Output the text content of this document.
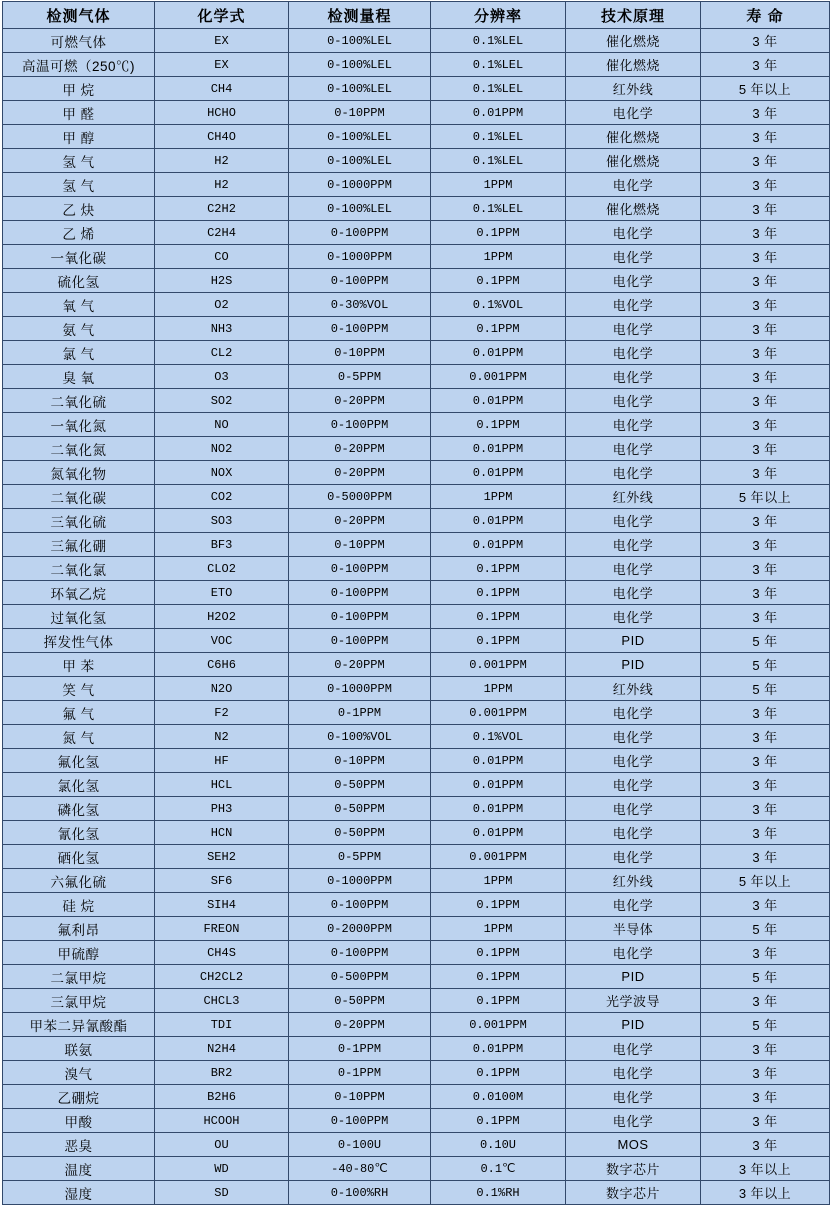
检测气体	化学式	检测量程	分辨率	技术原理	寿 命
可燃气体	EX	0-100%LEL	0.1%LEL	催化燃烧	3 年
高温可燃（250℃)	EX	0-100%LEL	0.1%LEL	催化燃烧	3 年
甲 烷	CH4	0-100%LEL	0.1%LEL	红外线	5 年以上
甲 醛	HCHO	0-10PPM	0.01PPM	电化学	3 年
甲 醇	CH4O	0-100%LEL	0.1%LEL	催化燃烧	3 年
氢 气	H2	0-100%LEL	0.1%LEL	催化燃烧	3 年
氢 气	H2	0-1000PPM	1PPM	电化学	3 年
乙 炔	C2H2	0-100%LEL	0.1%LEL	催化燃烧	3 年
乙 烯	C2H4	0-100PPM	0.1PPM	电化学	3 年
一氧化碳	CO	0-1000PPM	1PPM	电化学	3 年
硫化氢	H2S	0-100PPM	0.1PPM	电化学	3 年
氧 气	O2	0-30%VOL	0.1%VOL	电化学	3 年
氨 气	NH3	0-100PPM	0.1PPM	电化学	3 年
氯 气	CL2	0-10PPM	0.01PPM	电化学	3 年
臭 氧	O3	0-5PPM	0.001PPM	电化学	3 年
二氧化硫	SO2	0-20PPM	0.01PPM	电化学	3 年
一氧化氮	NO	0-100PPM	0.1PPM	电化学	3 年
二氧化氮	NO2	0-20PPM	0.01PPM	电化学	3 年
氮氧化物	NOX	0-20PPM	0.01PPM	电化学	3 年
二氧化碳	CO2	0-5000PPM	1PPM	红外线	5 年以上
三氧化硫	SO3	0-20PPM	0.01PPM	电化学	3 年
三氟化硼	BF3	0-10PPM	0.01PPM	电化学	3 年
二氧化氯	CLO2	0-100PPM	0.1PPM	电化学	3 年
环氧乙烷	ETO	0-100PPM	0.1PPM	电化学	3 年
过氧化氢	H2O2	0-100PPM	0.1PPM	电化学	3 年
挥发性气体	VOC	0-100PPM	0.1PPM	PID	5 年
甲 苯	C6H6	0-20PPM	0.001PPM	PID	5 年
笑 气	N2O	0-1000PPM	1PPM	红外线	5 年
氟 气	F2	0-1PPM	0.001PPM	电化学	3 年
氮 气	N2	0-100%VOL	0.1%VOL	电化学	3 年
氟化氢	HF	0-10PPM	0.01PPM	电化学	3 年
氯化氢	HCL	0-50PPM	0.01PPM	电化学	3 年
磷化氢	PH3	0-50PPM	0.01PPM	电化学	3 年
氰化氢	HCN	0-50PPM	0.01PPM	电化学	3 年
硒化氢	SEH2	0-5PPM	0.001PPM	电化学	3 年
六氟化硫	SF6	0-1000PPM	1PPM	红外线	5 年以上
硅 烷	SIH4	0-100PPM	0.1PPM	电化学	3 年
氟利昂	FREON	0-2000PPM	1PPM	半导体	5 年
甲硫醇	CH4S	0-100PPM	0.1PPM	电化学	3 年
二氯甲烷	CH2CL2	0-500PPM	0.1PPM	PID	5 年
三氯甲烷	CHCL3	0-50PPM	0.1PPM	光学波导	3 年
甲苯二异氰酸酯	TDI	0-20PPM	0.001PPM	PID	5 年
联氨	N2H4	0-1PPM	0.01PPM	电化学	3 年
溴气	BR2	0-1PPM	0.1PPM	电化学	3 年
乙硼烷	B2H6	0-10PPM	0.0100M	电化学	3 年
甲酸	HCOOH	0-100PPM	0.1PPM	电化学	3 年
恶臭	OU	0-100U	0.10U	MOS	3 年
温度	WD	-40-80℃	0.1℃	数字芯片	3 年以上
湿度	SD	0-100%RH	0.1%RH	数字芯片	3 年以上
